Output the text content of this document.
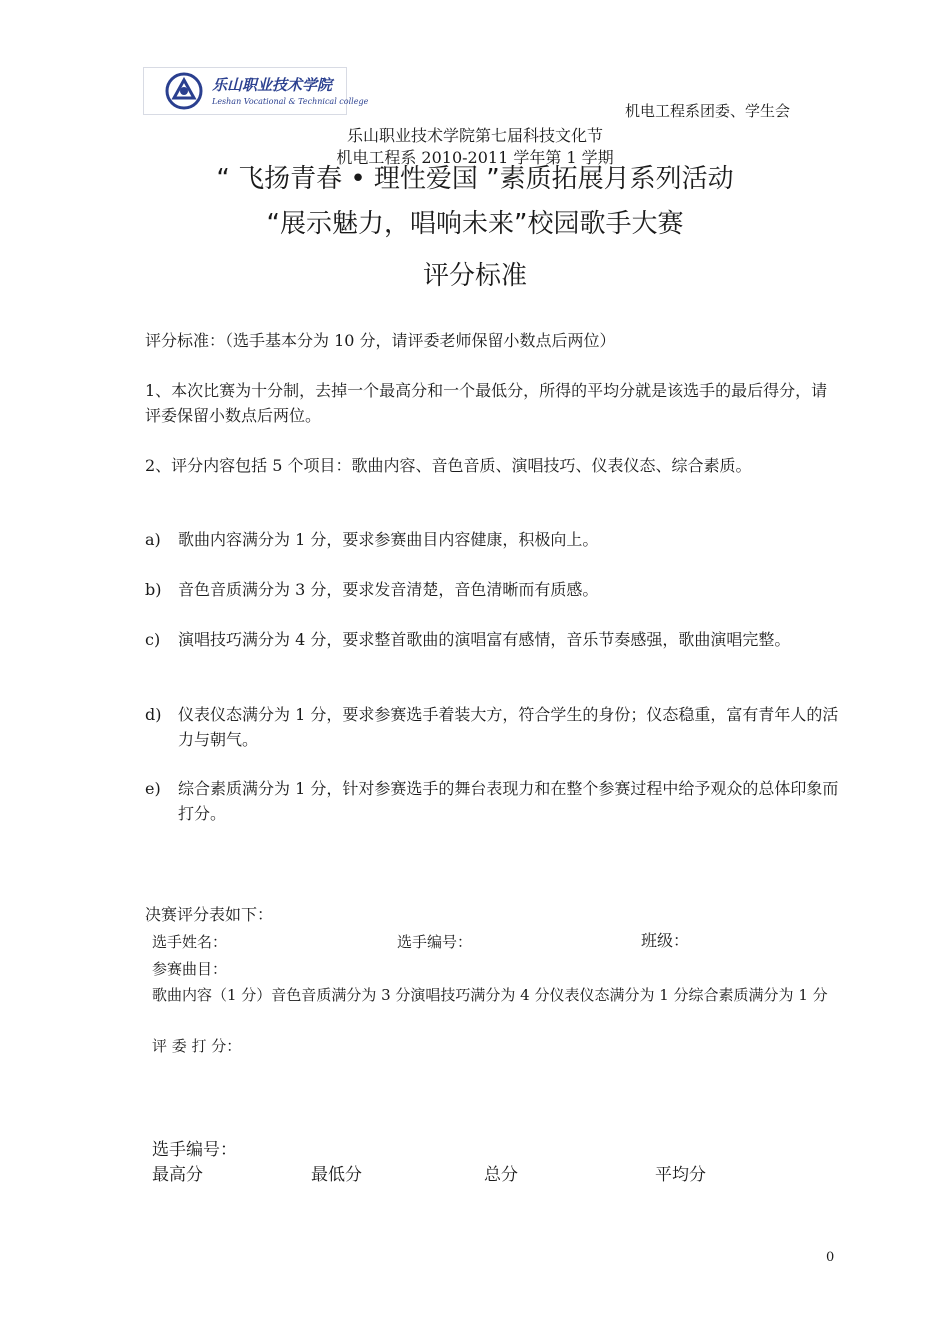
乐山职业技术学院
Leshan Vocational & Technical college
机电工程系团委、学生会
乐山职业技术学院第七届科技文化节
机电工程系 2010-2011 学年第 1 学期
“ 飞扬青春 • 理性爱国 ”素质拓展月系列活动
“展示魅力，唱响未来”校园歌手大赛
评分标准
评分标准：（选手基本分为 10 分，请评委老师保留小数点后两位）
1、本次比赛为十分制，去掉一个最高分和一个最低分，所得的平均分就是该选手的最后得分，请评委保留小数点后两位。
2、评分内容包括 5 个项目：歌曲内容、音色音质、演唱技巧、仪表仪态、综合素质。
a) 歌曲内容满分为 1 分，要求参赛曲目内容健康，积极向上。
b) 音色音质满分为 3 分，要求发音清楚，音色清晰而有质感。
c) 演唱技巧满分为 4 分，要求整首歌曲的演唱富有感情，音乐节奏感强，歌曲演唱完整。
d) 仪表仪态满分为 1 分，要求参赛选手着装大方，符合学生的身份；仪态稳重，富有青年人的活力与朝气。
e) 综合素质满分为 1 分，针对参赛选手的舞台表现力和在整个参赛过程中给予观众的总体印象而打分。
决赛评分表如下：
选手姓名：	选手编号：	班级：
参赛曲目：
歌曲内容（1 分）音色音质满分为 3 分演唱技巧满分为 4 分仪表仪态满分为 1 分综合素质满分为 1 分
评 委 打 分：
选手编号：
最高分	最低分	总分	平均分
0
